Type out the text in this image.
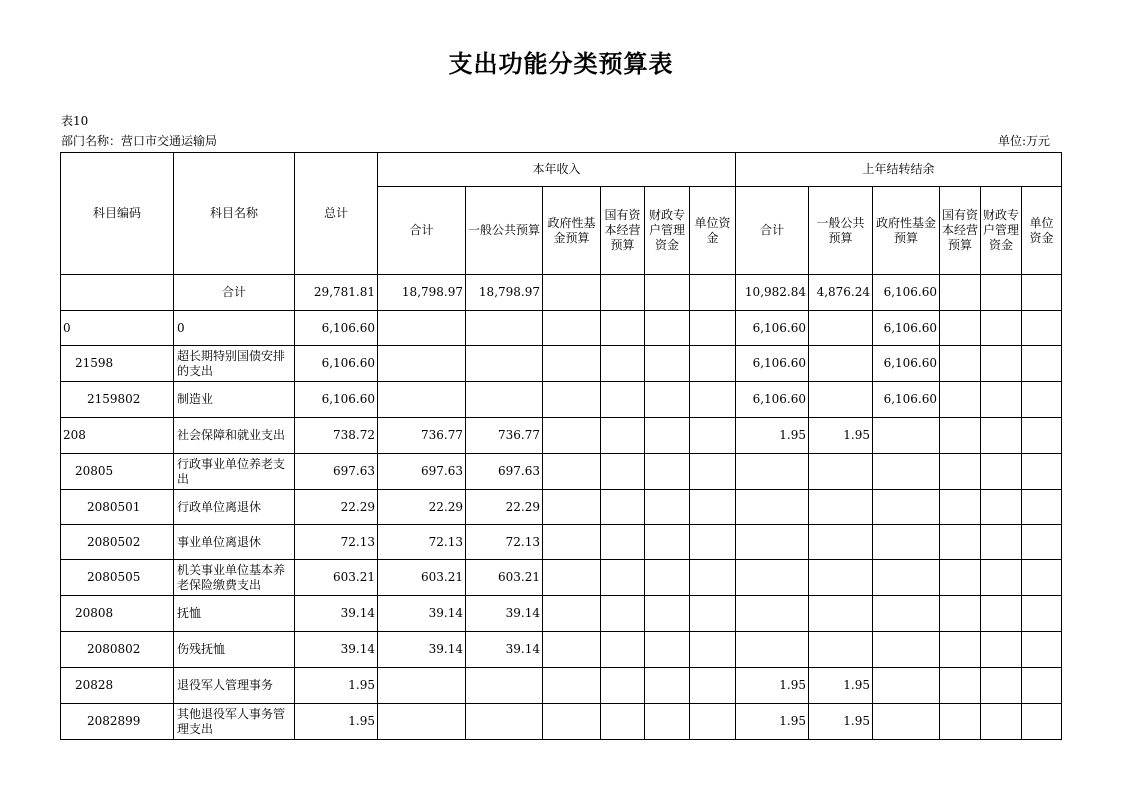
支出功能分类预算表
表10
部门名称：营口市交通运输局	单位:万元
科目编码	科目名称	总计	本年收入						上年结转结余					
			合计	一般公共预算	政府性基金预算	国有资本经营预算	财政专户管理资金	单位资金	合计	一般公共预算	政府性基金预算	国有资本经营预算	财政专户管理资金	单位资金
	合计	29,781.81	18,798.97	18,798.97					10,982.84	4,876.24	6,106.60			
0	0	6,106.60							6,106.60		6,106.60			
21598	超长期特别国债安排的支出	6,106.60							6,106.60		6,106.60			
2159802	制造业	6,106.60							6,106.60		6,106.60			
208	社会保障和就业支出	738.72	736.77	736.77					1.95	1.95				
20805	行政事业单位养老支出	697.63	697.63	697.63										
2080501	行政单位离退休	22.29	22.29	22.29										
2080502	事业单位离退休	72.13	72.13	72.13										
2080505	机关事业单位基本养老保险缴费支出	603.21	603.21	603.21										
20808	抚恤	39.14	39.14	39.14										
2080802	伤残抚恤	39.14	39.14	39.14										
20828	退役军人管理事务	1.95							1.95	1.95				
2082899	其他退役军人事务管理支出	1.95							1.95	1.95				
